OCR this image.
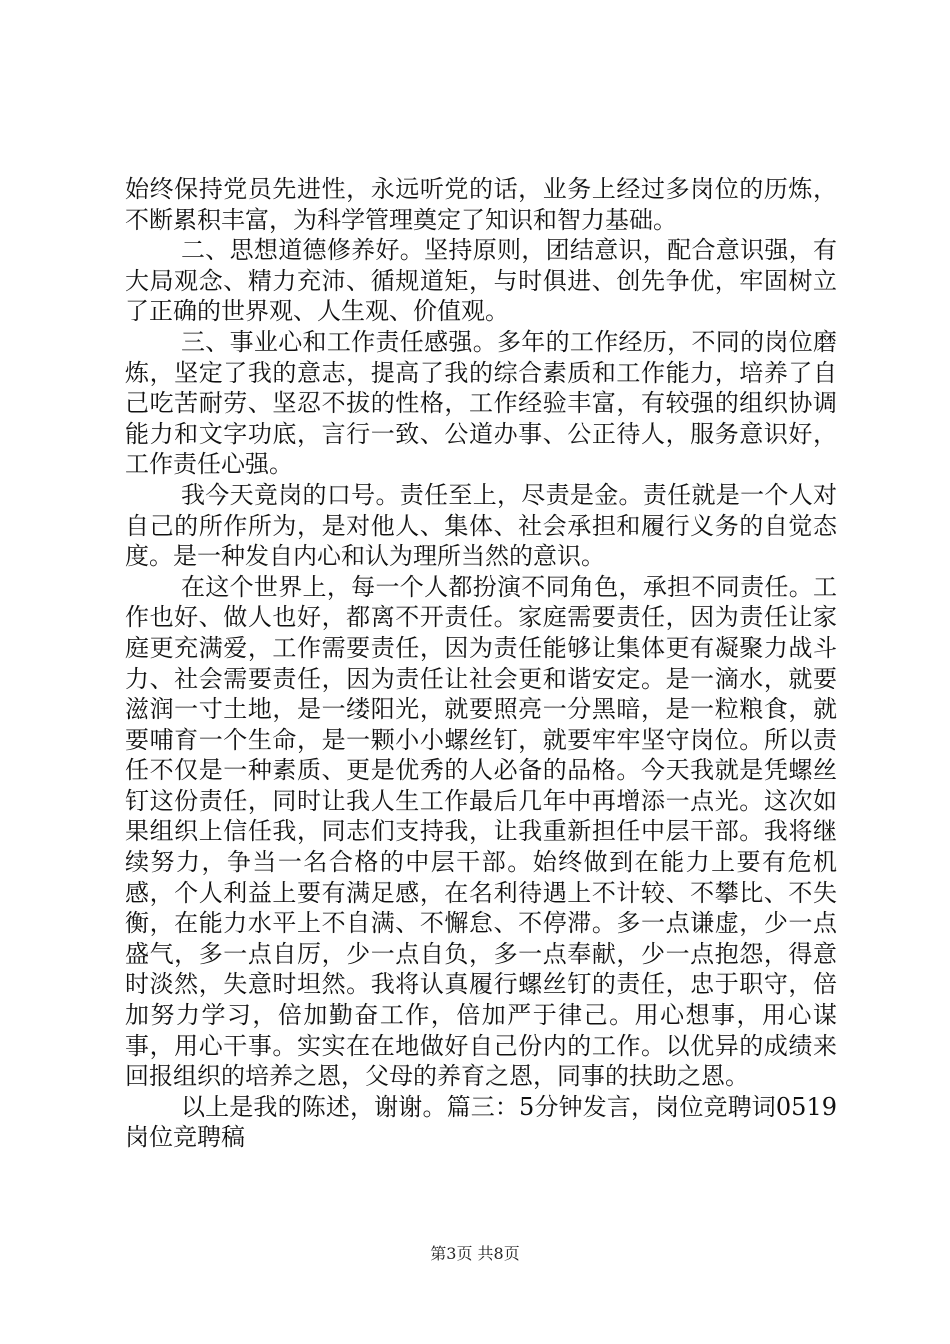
始终保持党员先进性，永远听党的话，业务上经过多岗位的历炼，不断累积丰富，为科学管理奠定了知识和智力基础。

二、思想道德修养好。坚持原则，团结意识，配合意识强，有大局观念、精力充沛、循规道矩，与时俱进、创先争优，牢固树立了正确的世界观、人生观、价值观。

三、事业心和工作责任感强。多年的工作经历，不同的岗位磨炼，坚定了我的意志，提高了我的综合素质和工作能力，培养了自己吃苦耐劳、坚忍不拔的性格，工作经验丰富，有较强的组织协调能力和文字功底，言行一致、公道办事、公正待人，服务意识好，工作责任心强。

我今天竟岗的口号。责任至上，尽责是金。责任就是一个人对自己的所作所为，是对他人、集体、社会承担和履行义务的自觉态度。是一种发自内心和认为理所当然的意识。

在这个世界上，每一个人都扮演不同角色，承担不同责任。工作也好、做人也好，都离不开责任。家庭需要责任，因为责任让家庭更充满爱，工作需要责任，因为责任能够让集体更有凝聚力战斗力、社会需要责任，因为责任让社会更和谐安定。是一滴水，就要滋润一寸土地，是一缕阳光，就要照亮一分黑暗，是一粒粮食，就要哺育一个生命，是一颗小小螺丝钉，就要牢牢坚守岗位。所以责任不仅是一种素质、更是优秀的人必备的品格。今天我就是凭螺丝钉这份责任，同时让我人生工作最后几年中再增添一点光。这次如果组织上信任我，同志们支持我，让我重新担任中层干部。我将继续努力，争当一名合格的中层干部。始终做到在能力上要有危机感，个人利益上要有满足感，在名利待遇上不计较、不攀比、不失衡，在能力水平上不自满、不懈怠、不停滞。多一点谦虚，少一点盛气，多一点自厉，少一点自负，多一点奉献，少一点抱怨，得意时淡然，失意时坦然。我将认真履行螺丝钉的责任，忠于职守，倍加努力学习，倍加勤奋工作，倍加严于律己。用心想事，用心谋事，用心干事。实实在在地做好自己份内的工作。以优异的成绩来回报组织的培养之恩，父母的养育之恩，同事的扶助之恩。

以上是我的陈述，谢谢。篇三：5分钟发言，岗位竞聘词0519岗位竞聘稿

第3页 共8页
